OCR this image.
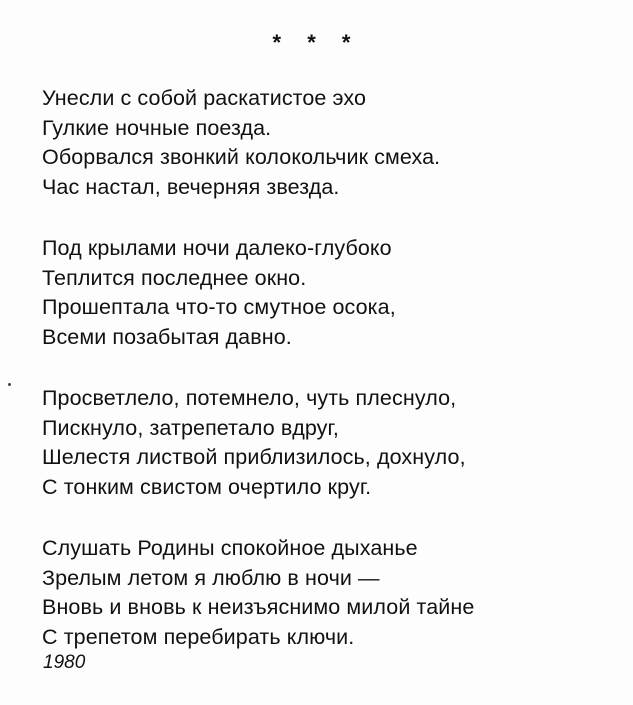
* * *
Унесли с собой раскатистое эхо
Гулкие ночные поезда.
Оборвался звонкий колокольчик смеха.
Час настал, вечерняя звезда.
Под крылами ночи далеко-глубоко
Теплится последнее окно.
Прошептала что-то смутное осока,
Всеми позабытая давно.
Просветлело, потемнело, чуть плеснуло,
Пискнуло, затрепетало вдруг,
Шелестя листвой приблизилось, дохнуло,
С тонким свистом очертило круг.
Слушать Родины спокойное дыханье
Зрелым летом я люблю в ночи —
Вновь и вновь к неизъяснимо милой тайне
С трепетом перебирать ключи.
1980
